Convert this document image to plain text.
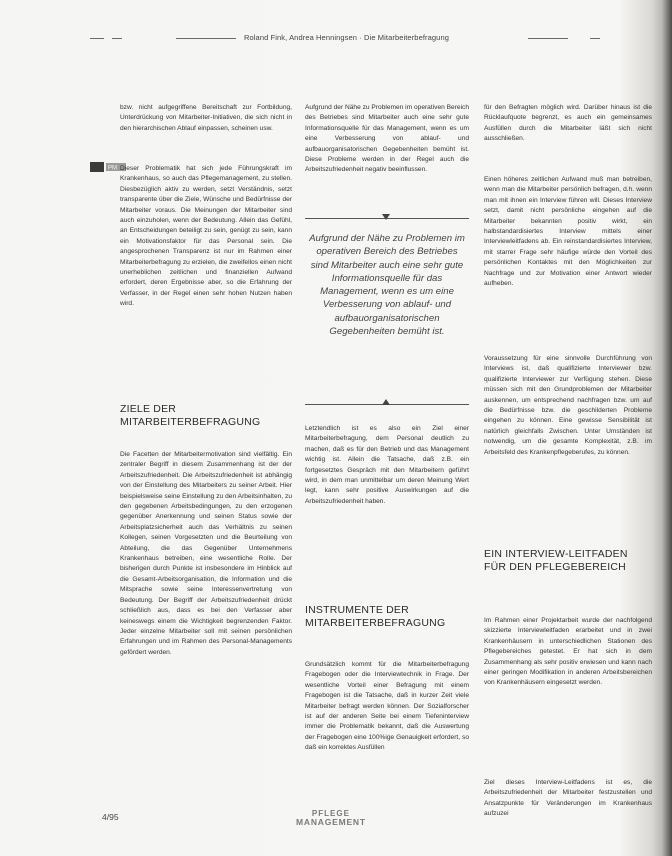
Roland Fink, Andrea Henningsen · Die Mitarbeiterbefragung
PM

bzw. nicht aufgegriffene Bereitschaft zur Fortbildung, Unterdrückung von Mitarbeiter-Initiativen, die sich nicht in den hierarchischen Ablauf einpassen, scheinen usw.

Dieser Problematik hat sich jede Führungskraft im Krankenhaus, so auch das Pflegemanagement, zu stellen. Diesbezüglich aktiv zu werden, setzt Verständnis, setzt transparente über die Ziele, Wünsche und Bedürfnisse der Mitarbeiter voraus. Die Meinungen der Mitarbeiter sind auch einzuholen, wenn der Bedeutung. Allein das Gefühl, an Entscheidungen beteiligt zu sein, genügt zu sein, kann ein Motivationsfaktor für das Personal sein. Die angesprochenen Transparenz ist nur im Rahmen einer Mitarbeiterbefragung zu erzielen, die zweifellos einen nicht unerheblichen zeitlichen und finanziellen Aufwand erfordert, deren Ergebnisse aber, so die Erfahrung der Verfasser, in der Regel einen sehr hohen Nutzen haben wird.

ZIELE DER MITARBEITERBEFRAGUNG

Die Facetten der Mitarbeitermotivation sind vielfältig. Ein zentraler Begriff in diesem Zusammenhang ist der der Arbeitszufriedenheit. Die Arbeitszufriedenheit ist abhängig von der Einstellung des Mitarbeiters zu seiner Arbeit. Hier beispielsweise seine Einstellung zu den Arbeitsinhalten, zu den gegebenen Arbeitsbedingungen, zu den erzogenen gegenüber Anerkennung und seinen Status sowie der Arbeitsplatzsicherheit auch das Verhältnis zu seinen Kollegen, seinen Vorgesetzten und die Beurteilung von Abteilung, die das Gegenüber Unternehmens Krankenhaus betreiben, eine wesentliche Rolle. Der bisherigen durch Punkte ist insbesondere im Hinblick auf die Gesamt-Arbeitsorganisation, die Information und die Mitsprache sowie seine Interessenvertretung von Bedeutung. Der Begriff der Arbeitszufriedenheit drückt schließlich aus, dass es bei den Verfasser aber keineswegs einem die Wichtigkeit begrenzenden Faktor. Jeder einzelne Mitarbeiter soll mit seinen persönlichen Erfahrungen und im Rahmen des Personal-Managements gefördert werden.

Aufgrund der Nähe zu Problemen im operativen Bereich des Betriebes sind Mitarbeiter auch eine sehr gute Informationsquelle für das Management, wenn es um eine Verbesserung von ablauf- und aufbauorganisatorischen Gegebenheiten bemüht ist. Diese Probleme werden in der Regel auch die Arbeitszufriedenheit negativ beeinflussen.

Aufgrund der Nähe zu Problemen im operativen Bereich des Betriebes sind Mitarbeiter auch eine sehr gute Informationsquelle für das Management, wenn es um eine Verbesserung von ablauf- und aufbauorganisatorischen Gegebenheiten bemüht ist.

Letztendlich ist es also ein Ziel einer Mitarbeiterbefragung, dem Personal deutlich zu machen, daß es für den Betrieb und das Management wichtig ist. Allein die Tatsache, daß z.B. ein fortgesetztes Gespräch mit den Mitarbeitern geführt wird, in dem man unmittelbar um deren Meinung Wert legt, kann sehr positive Auswirkungen auf die Arbeitszufriedenheit haben.

INSTRUMENTE DER MITARBEITERBEFRAGUNG

Grundsätzlich kommt für die Mitarbeiterbefragung Fragebogen oder die Interviewtechnik in Frage. Der wesentliche Vorteil einer Befragung mit einem Fragebogen ist die Tatsache, daß in kurzer Zeit viele Mitarbeiter befragt werden können. Der Sozialforscher ist auf der anderen Seite bei einem Tiefeninterview immer die Problematik bekannt, daß die Auswertung der Fragebogen eine 100%ige Genauigkeit erfordert, so daß ein korrektes Ausfüllen

für den Befragten möglich wird. Darüber hinaus ist die Rücklaufquote begrenzt, es auch ein gemeinsames Ausfüllen durch die Mitarbeiter läßt sich nicht ausschließen.

Einen höheres zeitlichen Aufwand muß man betreiben, wenn man die Mitarbeiter persönlich befragen, d.h. wenn man mit ihnen ein Interview führen will. Dieses Interview setzt, damit nicht persönliche eingehen auf die Mitarbeiter bekannten positiv wirkt, ein halbstandardisiertes Interview mittels einer Interviewleitfadens ab. Ein reinstandardisiertes Interview, mit starrer Frage sehr häufige würde den Vorteil des persönlichen Kontaktes mit den Möglichkeiten zur Nachfrage und zur Motivation einer Antwort wieder aufheben.

Voraussetzung für eine sinnvolle Durchführung von Interviews ist, daß qualifizierte Interviewer bzw. qualifizierte Interviewer zur Verfügung stehen. Diese müssen sich mit den Grundproblemen der Mitarbeiter auskennen, um entsprechend nachfragen bzw. um auf die Bedürfnisse bzw. die geschilderten Probleme eingehen zu können. Eine gewisse Sensibilität ist natürlich gleichfalls Zwischen. Unter Umständen ist notwendig, um die gesamte Komplexität, z.B. im Arbeitsfeld des Krankenpflegeberufes, zu können.

EIN INTERVIEW-LEITFADEN FÜR DEN PFLEGEBEREICH

Im Rahmen einer Projektarbeit wurde der nachfolgend skizzierte Interviewleitfaden erarbeitet und in zwei Krankenhäusern in unterschiedlichen Stationen des Pflegebereiches getestet. Er hat sich in dem Zusammenhang als sehr positiv erwiesen und kann nach einer geringen Modifikation in anderen Arbeitsbereichen von Krankenhäusern eingesetzt werden.

Ziel dieses Interview-Leitfadens ist es, die Arbeitszufriedenheit der Mitarbeiter festzustellen und Ansatzpunkte für Veränderungen im Krankenhaus aufzuzei

4/95	PFLEGE
MANAGEMENT
